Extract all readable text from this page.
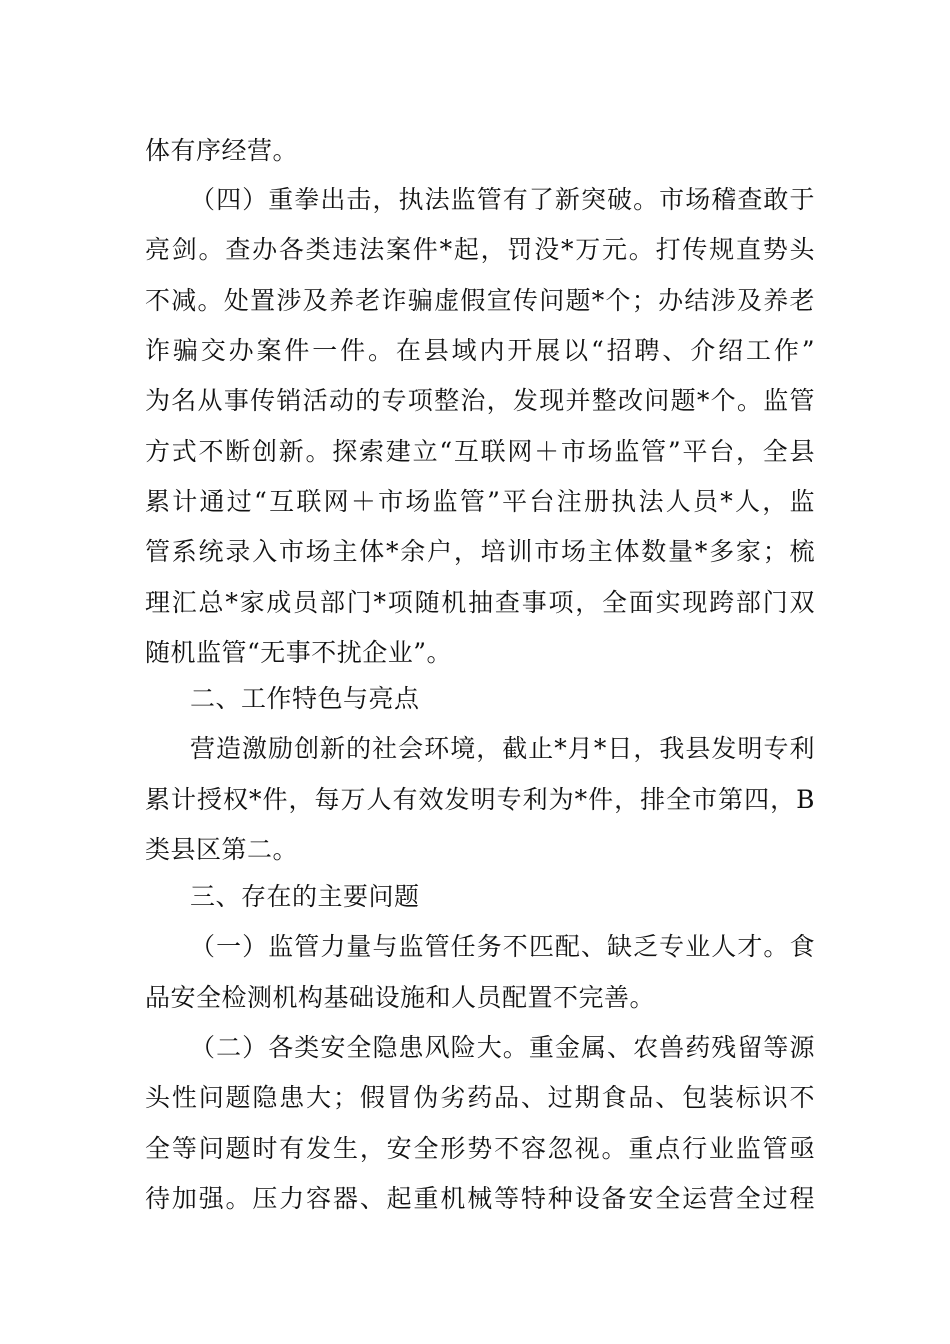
体有序经营。
（四）重拳出击，执法监管有了新突破。市场稽查敢于
亮剑。查办各类违法案件*起，罚没*万元。打传规直势头
不减。处置涉及养老诈骗虚假宣传问题*个；办结涉及养老
诈骗交办案件一件。在县域内开展以“招聘、介绍工作”
为名从事传销活动的专项整治，发现并整改问题*个。监管
方式不断创新。探索建立“互联网＋市场监管”平台，全县
累计通过“互联网＋市场监管”平台注册执法人员*人，监
管系统录入市场主体*余户，培训市场主体数量*多家；梳
理汇总*家成员部门*项随机抽查事项，全面实现跨部门双
随机监管“无事不扰企业”。
二、工作特色与亮点
营造激励创新的社会环境，截止*月*日，我县发明专利
累计授权*件，每万人有效发明专利为*件，排全市第四，B
类县区第二。
三、存在的主要问题
（一）监管力量与监管任务不匹配、缺乏专业人才。食
品安全检测机构基础设施和人员配置不完善。
（二）各类安全隐患风险大。重金属、农兽药残留等源
头性问题隐患大；假冒伪劣药品、过期食品、包装标识不
全等问题时有发生，安全形势不容忽视。重点行业监管亟
待加强。压力容器、起重机械等特种设备安全运营全过程
